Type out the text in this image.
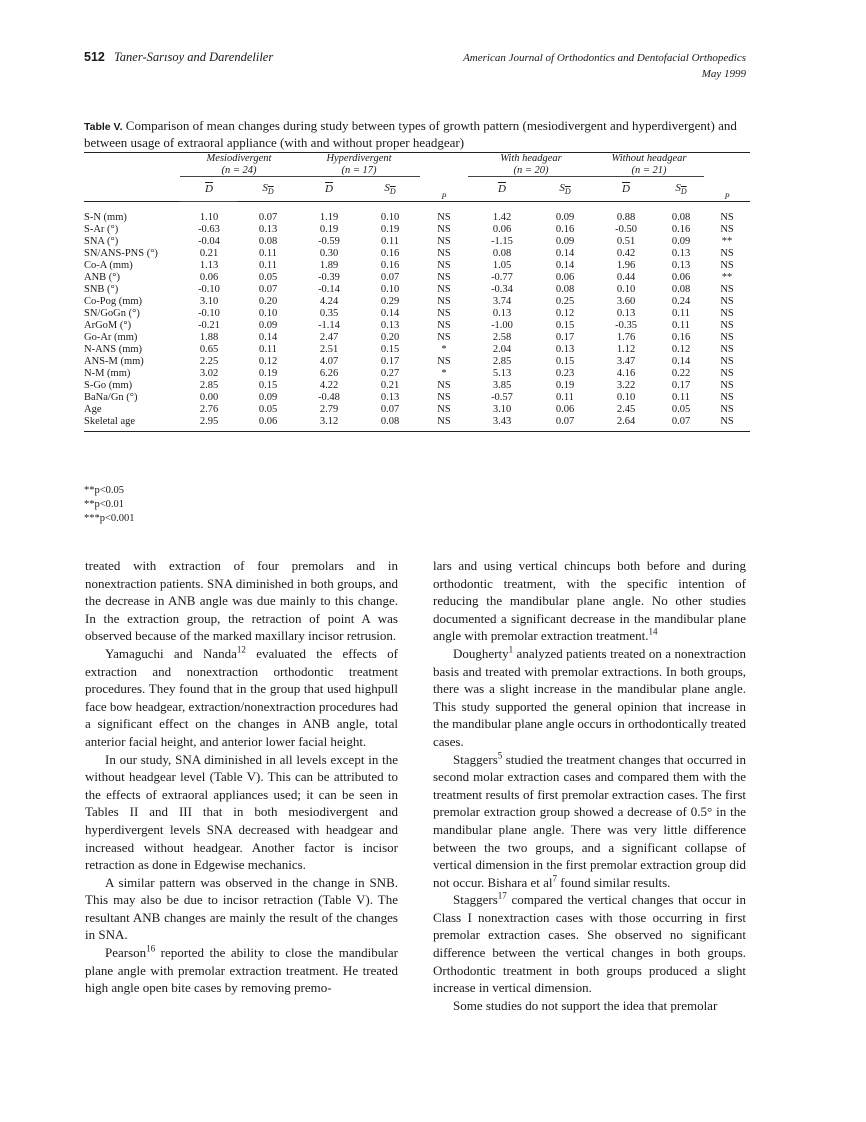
512 Taner-Sarısoy and Darendeliler	American Journal of Orthodontics and Dentofacial Orthopedics
May 1999
Table V. Comparison of mean changes during study between types of growth pattern (mesiodivergent and hyperdivergent) and between usage of extraoral appliance (with and without proper headgear)
	Mesiodivergent
(n = 24)		Hyperdivergent
(n = 17)			With headgear
(n = 20)		Without headgear
(n = 21)		
	$\overline{D}$	$S_{\overline{D}}$	$\overline{D}$	$S_{\overline{D}}$	P	$\overline{D}$	$S_{\overline{D}}$	$\overline{D}$	$S_{\overline{D}}$	P
S-N (mm)	1.10	0.07	1.19	0.10	NS	1.42	0.09	0.88	0.08	NS
S-Ar (°)	-0.63	0.13	0.19	0.19	NS	0.06	0.16	-0.50	0.16	NS
SNA (°)	-0.04	0.08	-0.59	0.11	NS	-1.15	0.09	0.51	0.09	**
SN/ANS-PNS (°)	0.21	0.11	0.30	0.16	NS	0.08	0.14	0.42	0.13	NS
Co-A (mm)	1.13	0.11	1.89	0.16	NS	1.05	0.14	1.96	0.13	NS
ANB (°)	0.06	0.05	-0.39	0.07	NS	-0.77	0.06	0.44	0.06	**
SNB (°)	-0.10	0.07	-0.14	0.10	NS	-0.34	0.08	0.10	0.08	NS
Co-Pog (mm)	3.10	0.20	4.24	0.29	NS	3.74	0.25	3.60	0.24	NS
SN/GoGn (°)	-0.10	0.10	0.35	0.14	NS	0.13	0.12	0.13	0.11	NS
ArGoM (°)	-0.21	0.09	-1.14	0.13	NS	-1.00	0.15	-0.35	0.11	NS
Go-Ar (mm)	1.88	0.14	2.47	0.20	NS	2.58	0.17	1.76	0.16	NS
N-ANS (mm)	0.65	0.11	2.51	0.15	*	2.04	0.13	1.12	0.12	NS
ANS-M (mm)	2.25	0.12	4.07	0.17	NS	2.85	0.15	3.47	0.14	NS
N-M (mm)	3.02	0.19	6.26	0.27	*	5.13	0.23	4.16	0.22	NS
S-Go (mm)	2.85	0.15	4.22	0.21	NS	3.85	0.19	3.22	0.17	NS
BaNa/Gn (°)	0.00	0.09	-0.48	0.13	NS	-0.57	0.11	0.10	0.11	NS
Age	2.76	0.05	2.79	0.07	NS	3.10	0.06	2.45	0.05	NS
Skeletal age	2.95	0.06	3.12	0.08	NS	3.43	0.07	2.64	0.07	NS
**p<0.05
**p<0.01
***p<0.001

treated with extraction of four premolars and in nonextraction patients. SNA diminished in both groups, and the decrease in ANB angle was due mainly to this change. In the extraction group, the retraction of point A was observed because of the marked maxillary incisor retrusion.

Yamaguchi and Nanda$^{12}$ evaluated the effects of extraction and nonextraction orthodontic treatment procedures. They found that in the group that used highpull face bow headgear, extraction/nonextraction procedures had a significant effect on the changes in ANB angle, total anterior facial height, and anterior lower facial height.

In our study, SNA diminished in all levels except in the without headgear level (Table V). This can be attributed to the effects of extraoral appliances used; it can be seen in Tables II and III that in both mesiodivergent and hyperdivergent levels SNA decreased with headgear and increased without headgear. Another factor is incisor retraction as done in Edgewise mechanics.

A similar pattern was observed in the change in SNB. This may also be due to incisor retraction (Table V). The resultant ANB changes are mainly the result of the changes in SNA.

Pearson$^{16}$ reported the ability to close the mandibular plane angle with premolar extraction treatment. He treated high angle open bite cases by removing premo-

lars and using vertical chincups both before and during orthodontic treatment, with the specific intention of reducing the mandibular plane angle. No other studies documented a significant decrease in the mandibular plane angle with premolar extraction treatment.$^{14}$

Dougherty$^1$ analyzed patients treated on a nonextraction basis and treated with premolar extractions. In both groups, there was a slight increase in the mandibular plane angle. This study supported the general opinion that increase in the mandibular plane angle occurs in orthodontically treated cases.

Staggers$^5$ studied the treatment changes that occurred in second molar extraction cases and compared them with the treatment results of first premolar extraction cases. The first premolar extraction group showed a decrease of 0.5° in the mandibular plane angle. There was very little difference between the two groups, and a significant collapse of vertical dimension in the first premolar extraction group did not occur. Bishara et $al^7$ found similar results.

Staggers$^{17}$ compared the vertical changes that occur in Class I nonextraction cases with those occurring in first premolar extraction cases. She observed no significant difference between the vertical changes in both groups. Orthodontic treatment in both groups produced a slight increase in vertical dimension.

Some studies do not support the idea that premolar
